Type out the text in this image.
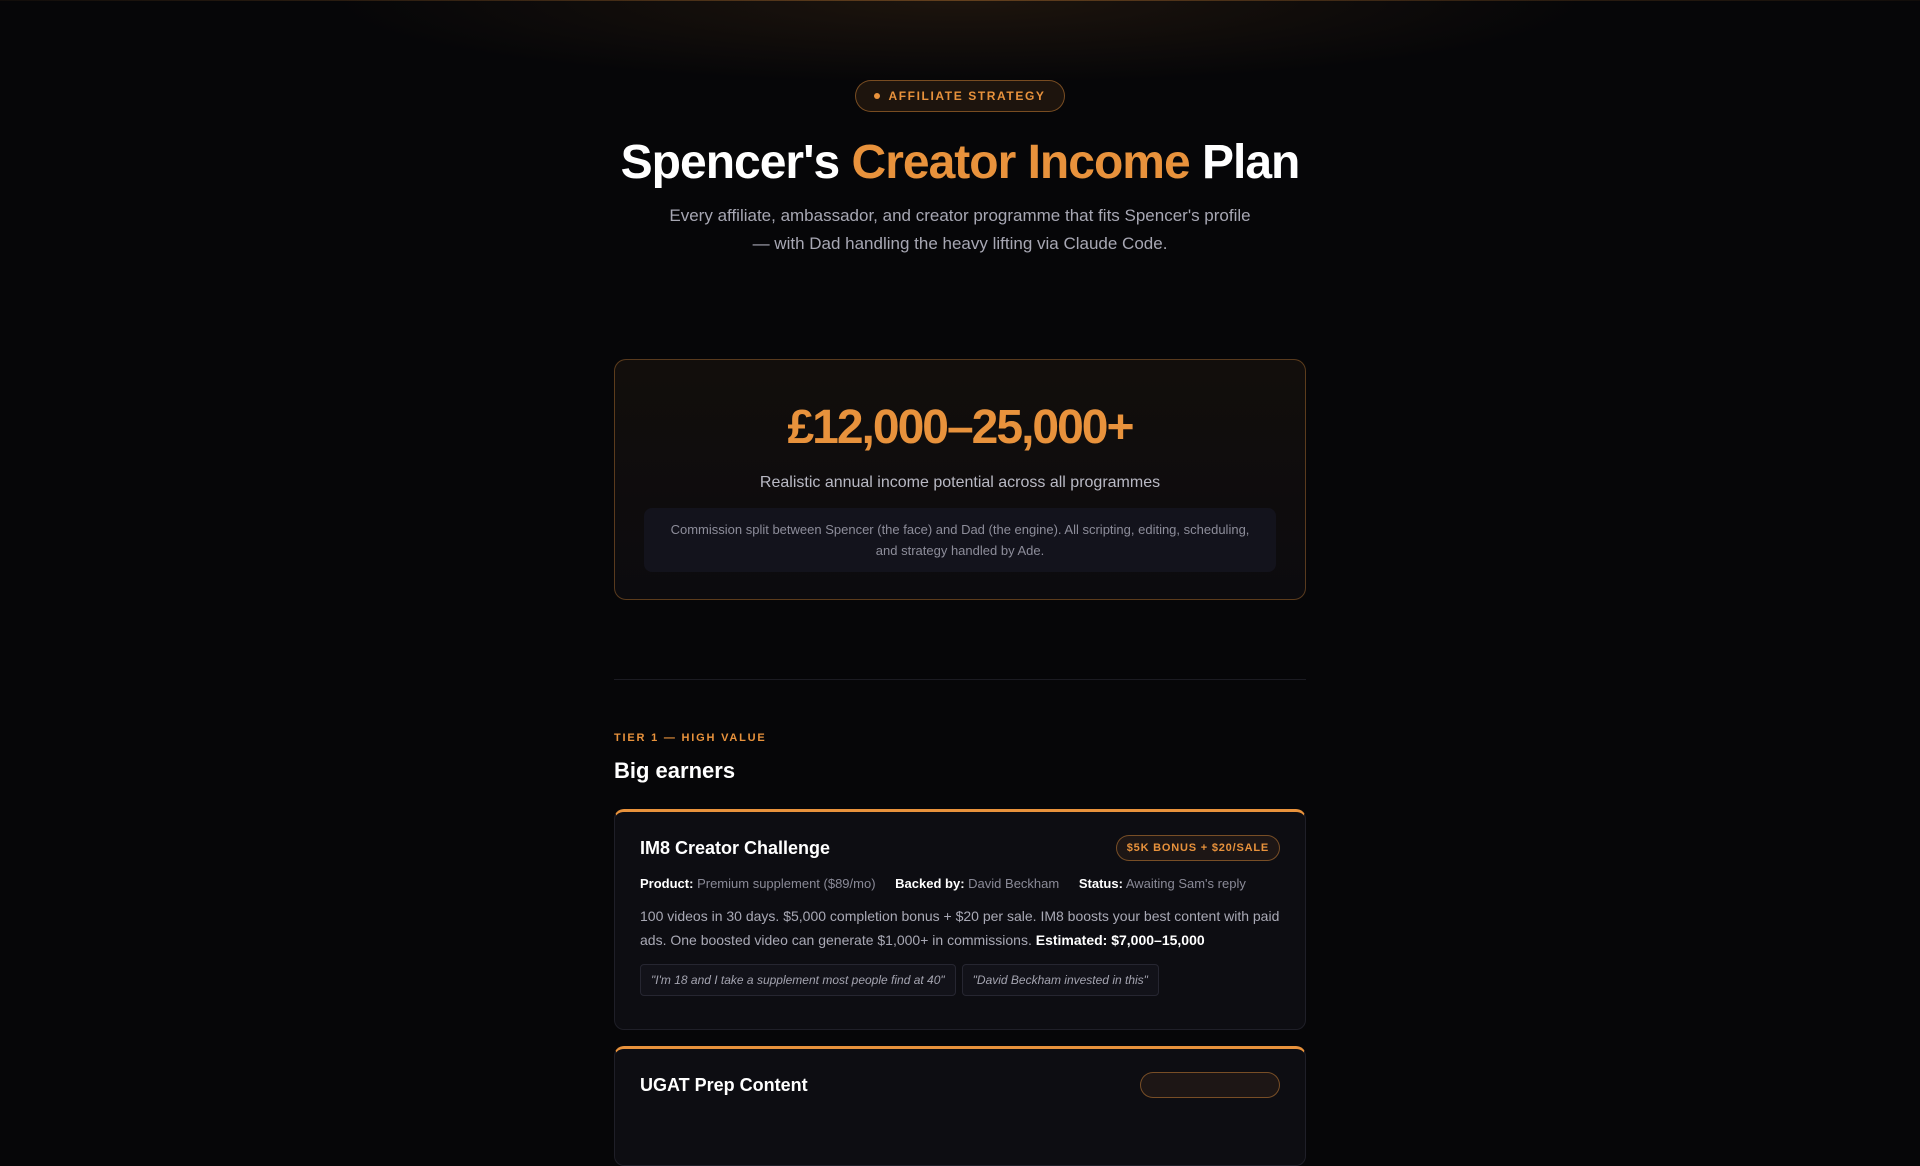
AFFILIATE STRATEGY
Spencer's Creator Income Plan
Every affiliate, ambassador, and creator programme that fits Spencer's profile — with Dad handling the heavy lifting via Claude Code.
£12,000–25,000+
Realistic annual income potential across all programmes
Commission split between Spencer (the face) and Dad (the engine). All scripting, editing, scheduling, and strategy handled by Ade.
TIER 1 — HIGH VALUE
Big earners
IM8 Creator Challenge	$5K BONUS + $20/SALE
Product: Premium supplement ($89/mo) Backed by: David Beckham Status: Awaiting Sam's reply
100 videos in 30 days. $5,000 completion bonus + $20 per sale. IM8 boosts your best content with paid ads. One boosted video can generate $1,000+ in commissions. Estimated: $7,000–15,000
"I'm 18 and I take a supplement most people find at 40"	"David Beckham invested in this"
UGAT Prep Content
